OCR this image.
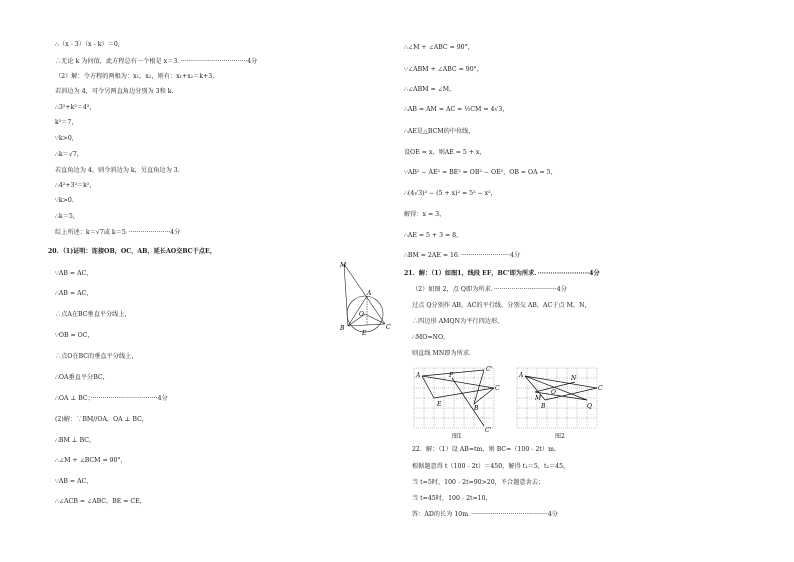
∴（x﹣3）（x﹣k）＝0，
∴无论 k 为何值，此方程总有一个根是 x＝3．··································4分
（2）解：令方程的两根为：x₁，x₂，则有：x₁+x₂＝k+3，
若斜边为 4，可令另两直角边分别为 3和 k.
∴3²+k²＝4²，
k²＝7，
∵k>0,
∴k＝√7，
若直角边为 4，则令斜边为 k，另直角边为 3.
∴4²+3²＝k²，
∵k>0.
∴k＝5，
综上所述：k＝√7或 k＝5．·····················4分
20．（1)证明：连接OB，OC，AB，延长AO交BC于点E，
∵AB = AC，
∴AB = AC，
∴点A在BC垂直平分线上，
∵OB = OC，
∴点O在BC的垂直平分线上，
∴OA垂直平分BC，
∴OA ⊥ BC；··································4分
(2)解：∵BM//OA，OA ⊥ BC，
∴BM ⊥ BC，
∴∠M + ∠BCM = 90°，
∵AB = AC，
∴∠ACB = ∠ABC，BE = CE，
M
A
O
B	C
E
∴∠M + ∠ABC = 90°，
∵∠ABM + ∠ABC = 90°，
∴∠ABM = ∠M，
∴AB = AM = AC = ½CM = 4√3，
∴AE是△BCM的中位线，
设OE = x，则AE = 5 + x，
∵AB² − AE² = BE² = OB² − OE²，OB = OA = 5，
∴(4√3)² − (5 + x)² = 5² − x²，
解得：x = 3，
∴AE = 5 + 3 = 8，
∴BM = 2AE = 16．·························4分
21．解：（1）如图1，线段 EF，BC'即为所求．························4分
（2）如图 2，点 Q即为所求．································4分
过点 Q分别作 AB，AC的平行线，分别交 AB，AC于点 M，N，
∴四边形 AMQN为平行四边形，
∴MO=NO，
则直线 MN即为所求．
22．解：（1）设 AB=tm，则 BC=（100﹣2t）m，
根据题意得 t（100﹣2t）＝450，解得 t₁＝5，t₂＝45，
当 t=5时，100﹣2t=90>20，不合题意舍去；
当 t=45时，100﹣2t=10，
答：AD的长为 10m．·······································4分
A
E
F
B
C
C'
C'
图1
A
M
N
O
B
C
Q
图2
